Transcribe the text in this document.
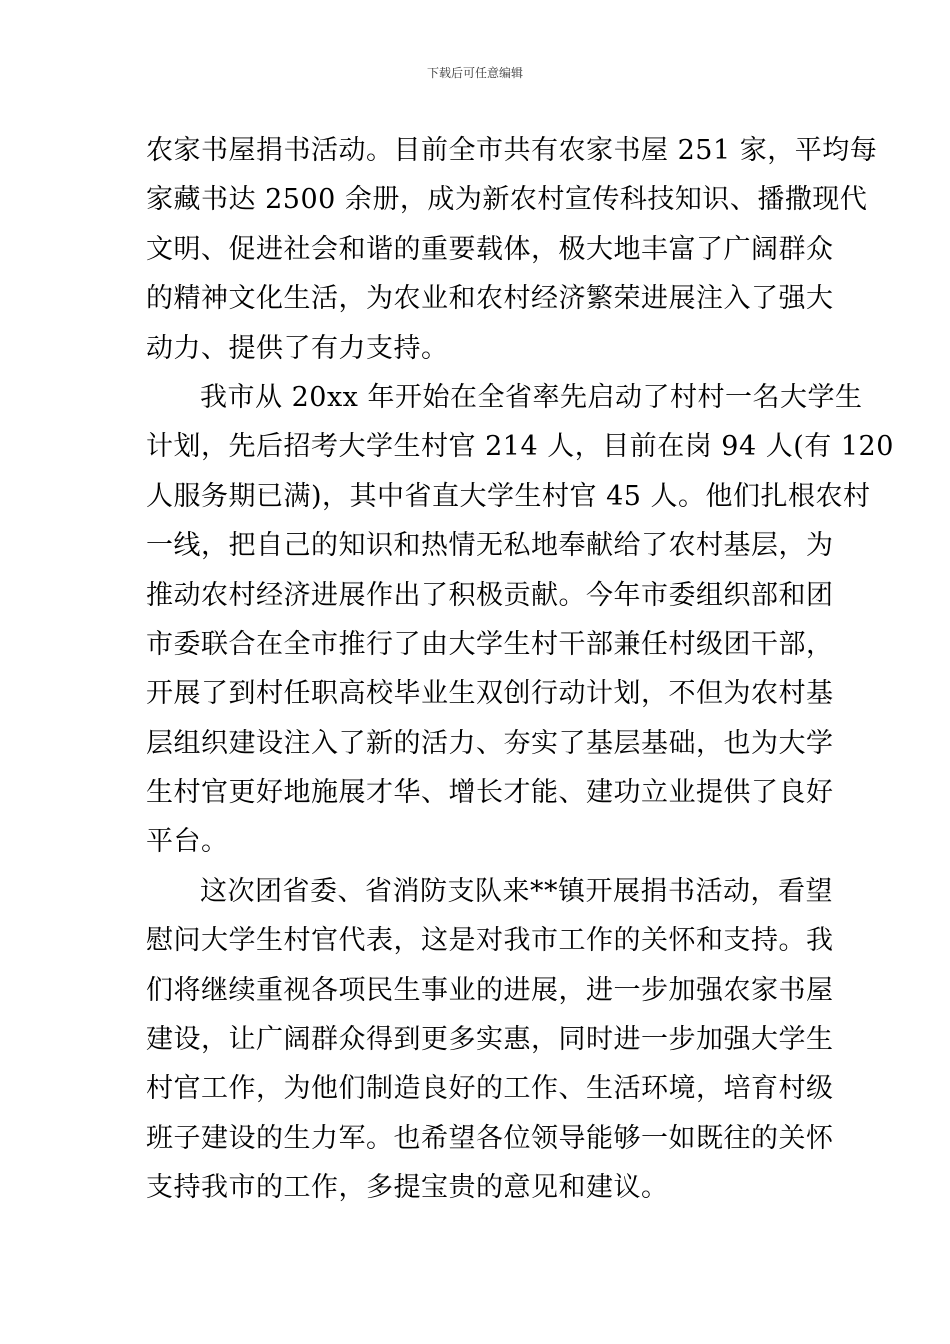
下载后可任意编辑
农家书屋捐书活动。目前全市共有农家书屋 251 家，平均每
家藏书达 2500 余册，成为新农村宣传科技知识、播撒现代
文明、促进社会和谐的重要载体，极大地丰富了广阔群众
的精神文化生活，为农业和农村经济繁荣进展注入了强大
动力、提供了有力支持。
我市从 20xx 年开始在全省率先启动了村村一名大学生
计划，先后招考大学生村官 214 人，目前在岗 94 人(有 120
人服务期已满)，其中省直大学生村官 45 人。他们扎根农村
一线，把自己的知识和热情无私地奉献给了农村基层，为
推动农村经济进展作出了积极贡献。今年市委组织部和团
市委联合在全市推行了由大学生村干部兼任村级团干部，
开展了到村任职高校毕业生双创行动计划，不但为农村基
层组织建设注入了新的活力、夯实了基层基础，也为大学
生村官更好地施展才华、增长才能、建功立业提供了良好
平台。
这次团省委、省消防支队来**镇开展捐书活动，看望
慰问大学生村官代表，这是对我市工作的关怀和支持。我
们将继续重视各项民生事业的进展，进一步加强农家书屋
建设，让广阔群众得到更多实惠，同时进一步加强大学生
村官工作，为他们制造良好的工作、生活环境，培育村级
班子建设的生力军。也希望各位领导能够一如既往的关怀
支持我市的工作，多提宝贵的意见和建议。
